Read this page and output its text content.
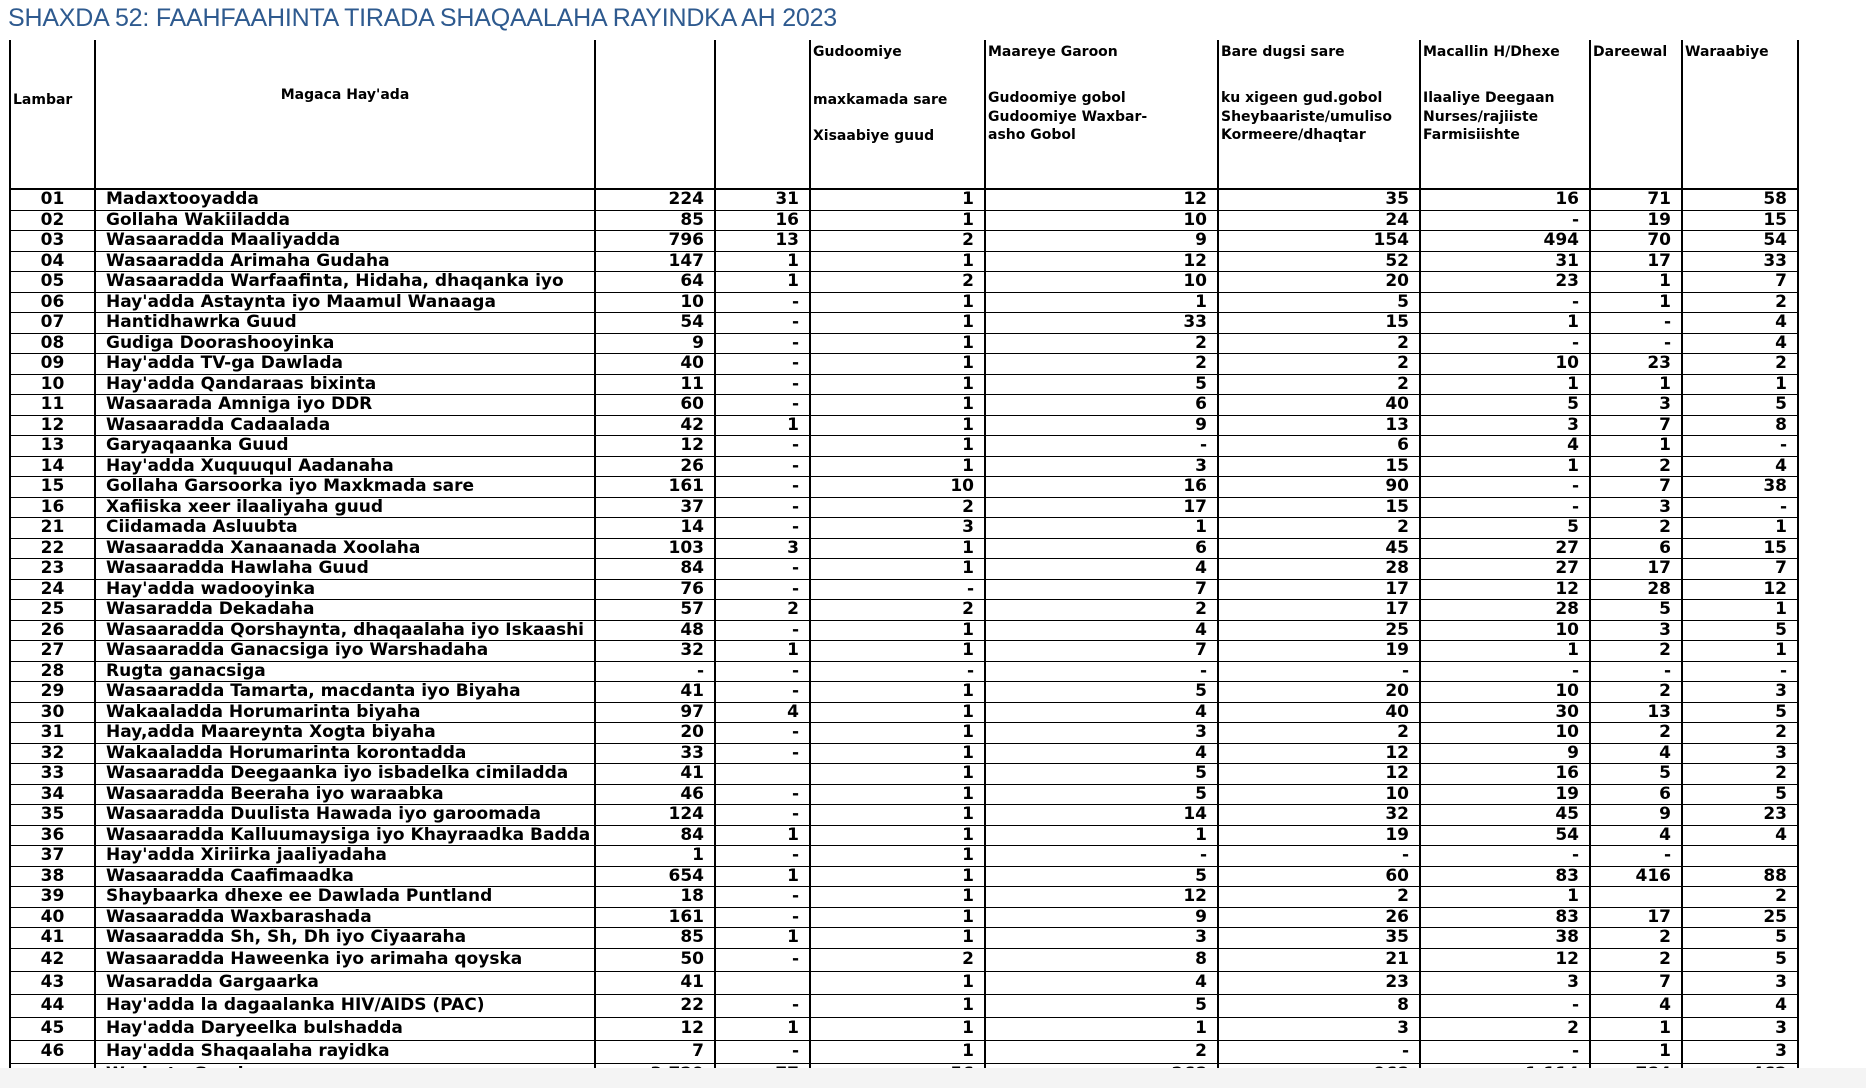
SHAXDA 52: FAAHFAAHINTA TIRADA SHAQAALAHA RAYINDKA AH 2023
Lambar	Magaca Hay'ada			Gudoomiye
maxkamada sare
Xisaabiye guud	Maareye Garoon
Gudoomiye gobol
Gudoomiye Waxbar-
asho Gobol	Bare dugsi sare
ku xigeen gud.gobol
Sheybaariste/umuliso
Kormeere/dhaqtar	Macallin H/Dhexe
Ilaaliye Deegaan
Nurses/rajiiste
Farmisiishte	Dareewal	Waraabiye

01	Madaxtooyadda	224	31	1	12	35	16	71	58
02	Gollaha Wakiiladda	85	16	1	10	24	-	19	15
03	Wasaaradda Maaliyadda	796	13	2	9	154	494	70	54
04	Wasaaradda Arimaha Gudaha	147	1	1	12	52	31	17	33
05	Wasaaradda Warfaafinta, Hidaha, dhaqanka iyo	64	1	2	10	20	23	1	7
06	Hay'adda Astaynta iyo Maamul Wanaaga	10	-	1	1	5	-	1	2
07	Hantidhawrka Guud	54	-	1	33	15	1	-	4
08	Gudiga Doorashooyinka	9	-	1	2	2	-	-	4
09	Hay'adda TV-ga Dawlada	40	-	1	2	2	10	23	2
10	Hay'adda Qandaraas bixinta	11	-	1	5	2	1	1	1
11	Wasaarada Amniga iyo DDR	60	-	1	6	40	5	3	5
12	Wasaaradda Cadaalada	42	1	1	9	13	3	7	8
13	Garyaqaanka Guud	12	-	1	-	6	4	1	-
14	Hay'adda Xuquuqul Aadanaha	26	-	1	3	15	1	2	4
15	Gollaha Garsoorka iyo Maxkmada sare	161	-	10	16	90	-	7	38
16	Xafiiska xeer ilaaliyaha guud	37	-	2	17	15	-	3	-
21	Ciidamada Asluubta	14	-	3	1	2	5	2	1
22	Wasaaradda Xanaanada Xoolaha	103	3	1	6	45	27	6	15
23	Wasaaradda Hawlaha Guud	84	-	1	4	28	27	17	7
24	Hay'adda wadooyinka	76	-	-	7	17	12	28	12
25	Wasaradda Dekadaha	57	2	2	2	17	28	5	1
26	Wasaaradda Qorshaynta, dhaqaalaha iyo Iskaashi	48	-	1	4	25	10	3	5
27	Wasaaradda Ganacsiga iyo Warshadaha	32	1	1	7	19	1	2	1
28	Rugta ganacsiga	-	-	-	-	-	-	-	-
29	Wasaaradda Tamarta, macdanta iyo Biyaha	41	-	1	5	20	10	2	3
30	Wakaaladda Horumarinta biyaha	97	4	1	4	40	30	13	5
31	Hay,adda Maareynta Xogta biyaha	20	-	1	3	2	10	2	2
32	Wakaaladda Horumarinta korontadda	33	-	1	4	12	9	4	3
33	Wasaaradda Deegaanka iyo isbadelka cimiladda	41		1	5	12	16	5	2
34	Wasaaradda Beeraha iyo waraabka	46	-	1	5	10	19	6	5
35	Wasaaradda Duulista Hawada iyo garoomada	124	-	1	14	32	45	9	23
36	Wasaaradda Kalluumaysiga iyo Khayraadka Badda	84	1	1	1	19	54	4	4
37	Hay'adda Xiriirka jaaliyadaha	1	-	1	-	-	-	-	
38	Wasaaradda Caafimaadka	654	1	1	5	60	83	416	88
39	Shaybaarka dhexe ee Dawlada Puntland	18	-	1	12	2	1		2
40	Wasaaradda Waxbarashada	161	-	1	9	26	83	17	25
41	Wasaaradda Sh, Sh, Dh iyo Ciyaaraha	85	1	1	3	35	38	2	5
42	Wasaaradda Haweenka iyo arimaha qoyska	50	-	2	8	21	12	2	5
43	Wasaradda Gargaarka	41		1	4	23	3	7	3
44	Hay'adda la dagaalanka HIV/AIDS (PAC)	22	-	1	5	8	-	4	4
45	Hay'adda Daryeelka bulshadda	12	1	1	1	3	2	1	3
46	Hay'adda Shaqaalaha rayidka	7	-	1	2	-	-	1	3
